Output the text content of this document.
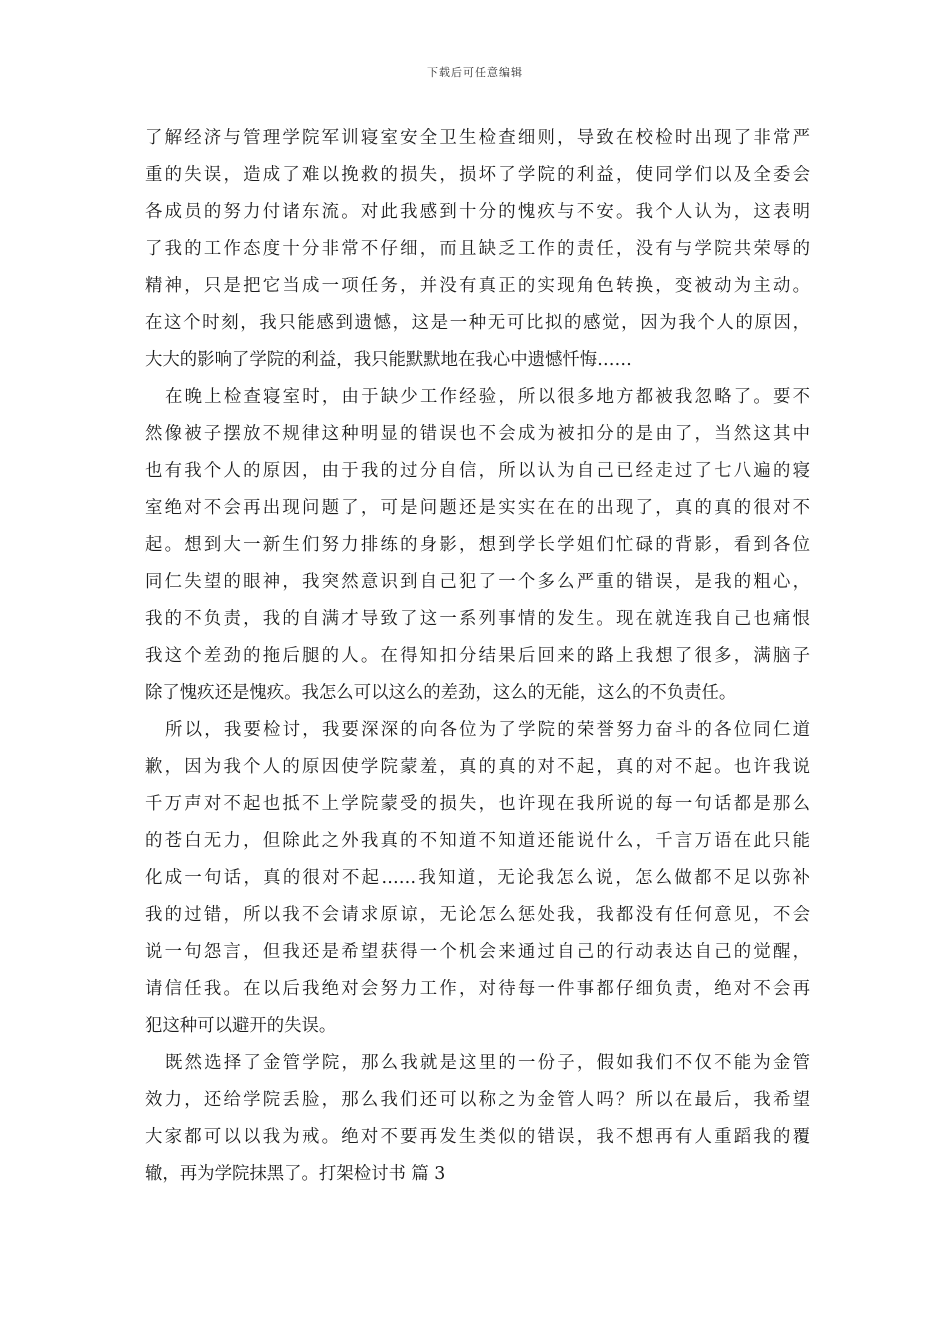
下载后可任意编辑
了解经济与管理学院军训寝室安全卫生检查细则，导致在校检时出现了非常严
重的失误，造成了难以挽救的损失，损坏了学院的利益，使同学们以及全委会
各成员的努力付诸东流。对此我感到十分的愧疚与不安。我个人认为，这表明
了我的工作态度十分非常不仔细，而且缺乏工作的责任，没有与学院共荣辱的
精神，只是把它当成一项任务，并没有真正的实现角色转换，变被动为主动。
在这个时刻，我只能感到遗憾，这是一种无可比拟的感觉，因为我个人的原因，
大大的影响了学院的利益，我只能默默地在我心中遗憾忏悔……
在晚上检查寝室时，由于缺少工作经验，所以很多地方都被我忽略了。要不
然像被子摆放不规律这种明显的错误也不会成为被扣分的是由了，当然这其中
也有我个人的原因，由于我的过分自信，所以认为自己已经走过了七八遍的寝
室绝对不会再出现问题了，可是问题还是实实在在的出现了，真的真的很对不
起。想到大一新生们努力排练的身影，想到学长学姐们忙碌的背影，看到各位
同仁失望的眼神，我突然意识到自己犯了一个多么严重的错误，是我的粗心，
我的不负责，我的自满才导致了这一系列事情的发生。现在就连我自己也痛恨
我这个差劲的拖后腿的人。在得知扣分结果后回来的路上我想了很多，满脑子
除了愧疚还是愧疚。我怎么可以这么的差劲，这么的无能，这么的不负责任。
所以，我要检讨，我要深深的向各位为了学院的荣誉努力奋斗的各位同仁道
歉，因为我个人的原因使学院蒙羞，真的真的对不起，真的对不起。也许我说
千万声对不起也抵不上学院蒙受的损失，也许现在我所说的每一句话都是那么
的苍白无力，但除此之外我真的不知道不知道还能说什么，千言万语在此只能
化成一句话，真的很对不起……我知道，无论我怎么说，怎么做都不足以弥补
我的过错，所以我不会请求原谅，无论怎么惩处我，我都没有任何意见，不会
说一句怨言，但我还是希望获得一个机会来通过自己的行动表达自己的觉醒，
请信任我。在以后我绝对会努力工作，对待每一件事都仔细负责，绝对不会再
犯这种可以避开的失误。
既然选择了金管学院，那么我就是这里的一份子，假如我们不仅不能为金管
效力，还给学院丢脸，那么我们还可以称之为金管人吗？所以在最后，我希望
大家都可以以我为戒。绝对不要再发生类似的错误，我不想再有人重蹈我的覆
辙，再为学院抹黑了。打架检讨书 篇 3
